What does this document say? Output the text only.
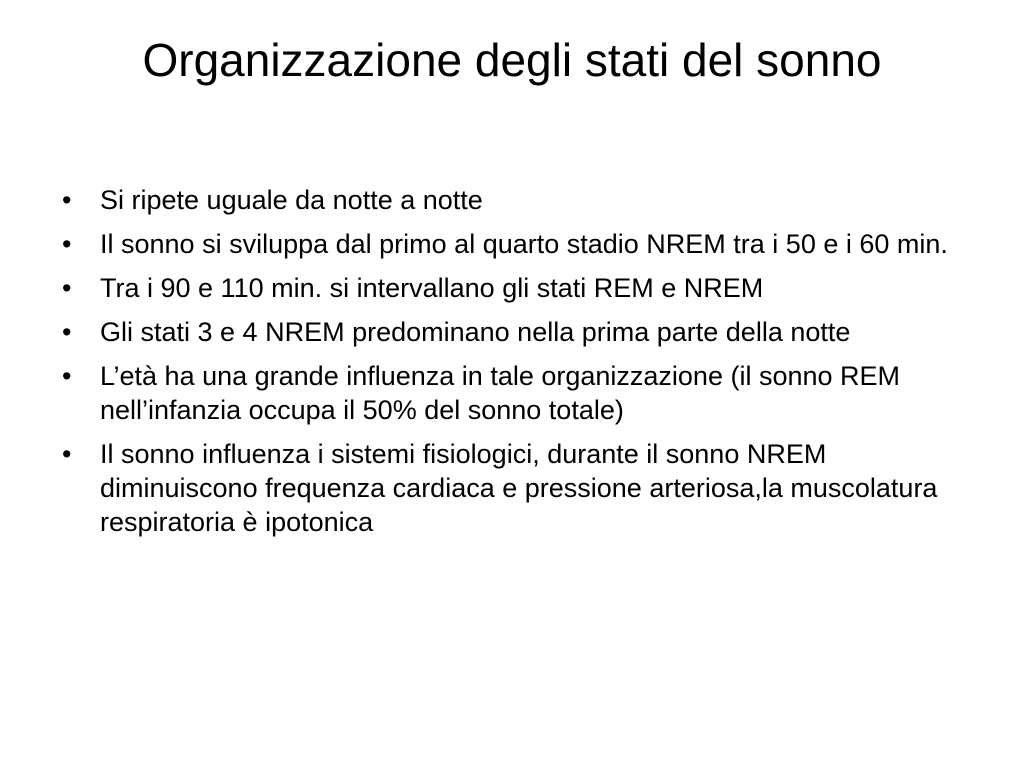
Organizzazione degli stati del sonno
• Si ripete uguale da notte a notte
• Il sonno si sviluppa dal primo al quarto stadio NREM tra i 50 e i 60 min.
• Tra i 90 e 110 min. si intervallano gli stati REM e NREM
• Gli stati 3 e 4 NREM predominano nella prima parte della notte
• L’età ha una grande influenza in tale organizzazione (il sonno REM nell’infanzia occupa il 50% del sonno totale)
• Il sonno influenza i sistemi fisiologici, durante il sonno NREM diminuiscono frequenza cardiaca e pressione arteriosa,la muscolatura respiratoria è ipotonica
